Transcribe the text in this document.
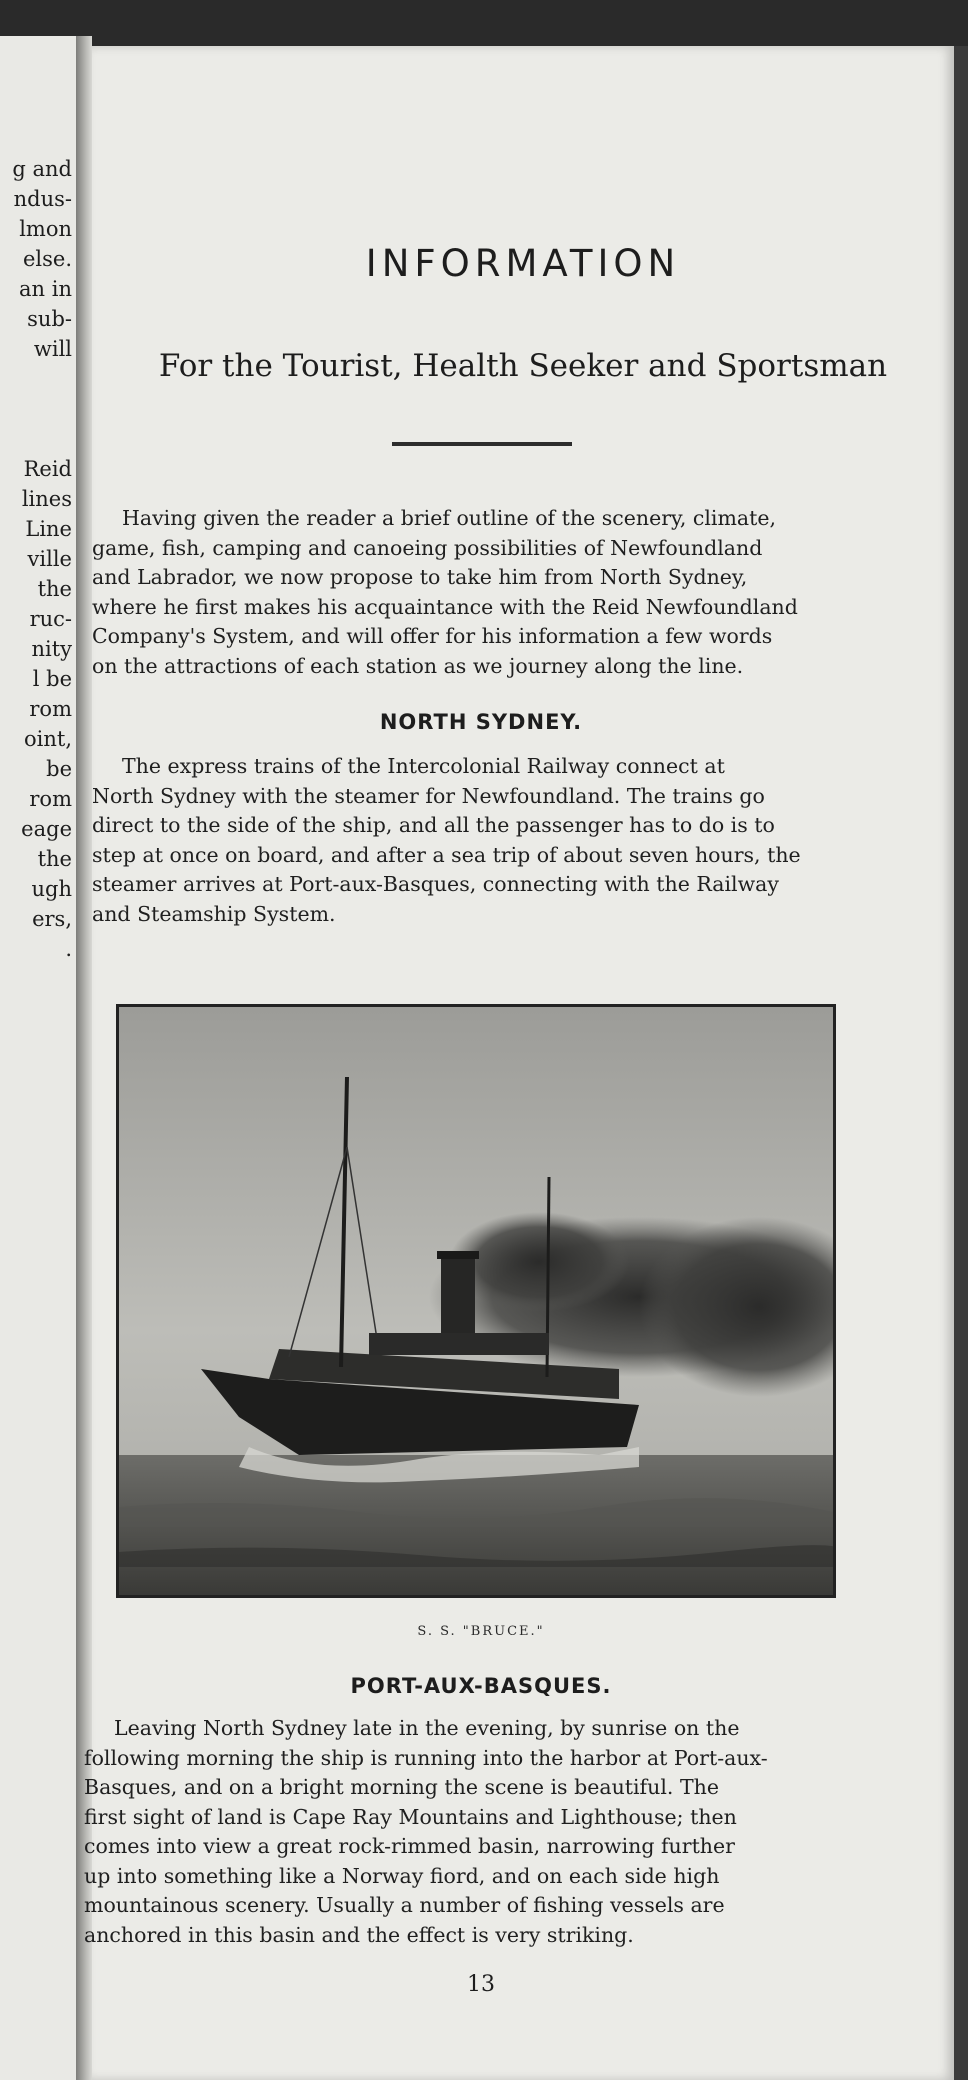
g and
ndus-
lmon
else.
an in
sub-
will
Reid
lines
Line
ville
the
ruc-
nity
l be
rom
oint,
be
rom
eage
the
ugh
ers,
.
INFORMATION
For the Tourist, Health Seeker and Sportsman
Having given the reader a brief outline of the scenery, climate,
game, fish, camping and canoeing possibilities of Newfoundland
and Labrador, we now propose to take him from North Sydney,
where he first makes his acquaintance with the Reid Newfoundland
Company's System, and will offer for his information a few words
on the attractions of each station as we journey along the line.
NORTH SYDNEY.
The express trains of the Intercolonial Railway connect at
North Sydney with the steamer for Newfoundland. The trains go
direct to the side of the ship, and all the passenger has to do is to
step at once on board, and after a sea trip of about seven hours, the
steamer arrives at Port-aux-Basques, connecting with the Railway
and Steamship System.
S. S. "BRUCE."
PORT-AUX-BASQUES.
Leaving North Sydney late in the evening, by sunrise on the
following morning the ship is running into the harbor at Port-aux-
Basques, and on a bright morning the scene is beautiful. The
first sight of land is Cape Ray Mountains and Lighthouse; then
comes into view a great rock-rimmed basin, narrowing further
up into something like a Norway fiord, and on each side high
mountainous scenery. Usually a number of fishing vessels are
anchored in this basin and the effect is very striking.
13
